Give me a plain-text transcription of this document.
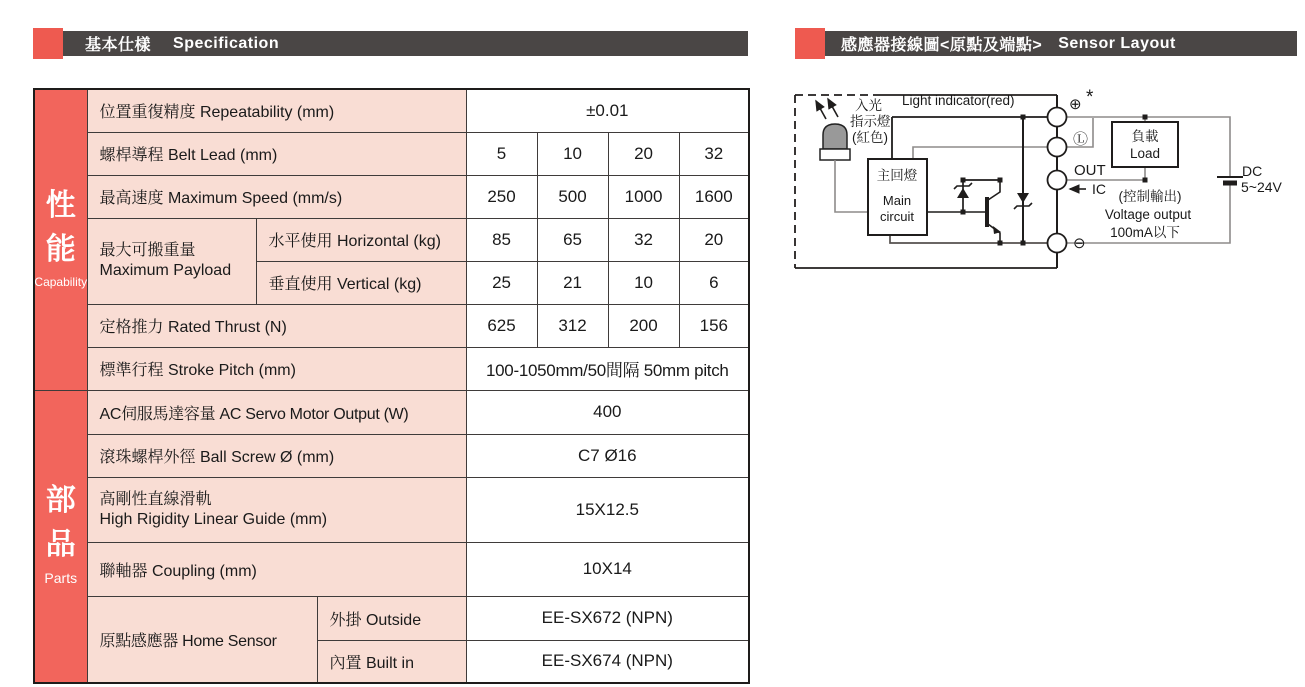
基本仕樣 Specification	感應器接線圖<原點及端點> Sensor Layout
性
能
Capability	位置重復精度 Repeatability (mm)			±0.01			
	螺桿導程 Belt Lead (mm)			5	10	20	32
	最高速度 Maximum Speed (mm/s)			250	500	1000	1600
	最大可搬重量
Maximum Payload	水平使用 Horizontal (kg)		85	65	32	20
		垂直使用 Vertical (kg)		25	21	10	6
	定格推力 Rated Thrust (N)			625	312	200	156
	標準行程 Stroke Pitch (mm)			100-1050mm/50間隔 50mm pitch			

部
品
Parts	AC伺服馬達容量 AC Servo Motor Output (W)			400			
	滾珠螺桿外徑 Ball Screw Ø (mm)			C7 Ø16			
	高剛性直線滑軌
High Rigidity Linear Guide (mm)			15X12.5			
	聯軸器 Coupling (mm)			10X14			
	原點感應器 Home Sensor		外掛 Outside	EE-SX672 (NPN)			
			內置 Built in	EE-SX674 (NPN)			
入光
指示燈
(紅色)
Light indicator(red)
主回燈
Main
circuit
負載
Load
DC
5~24V
⊕ *
Ⓛ
OUT
IC
⊖
(控制輸出)
Voltage output
100mA以下
